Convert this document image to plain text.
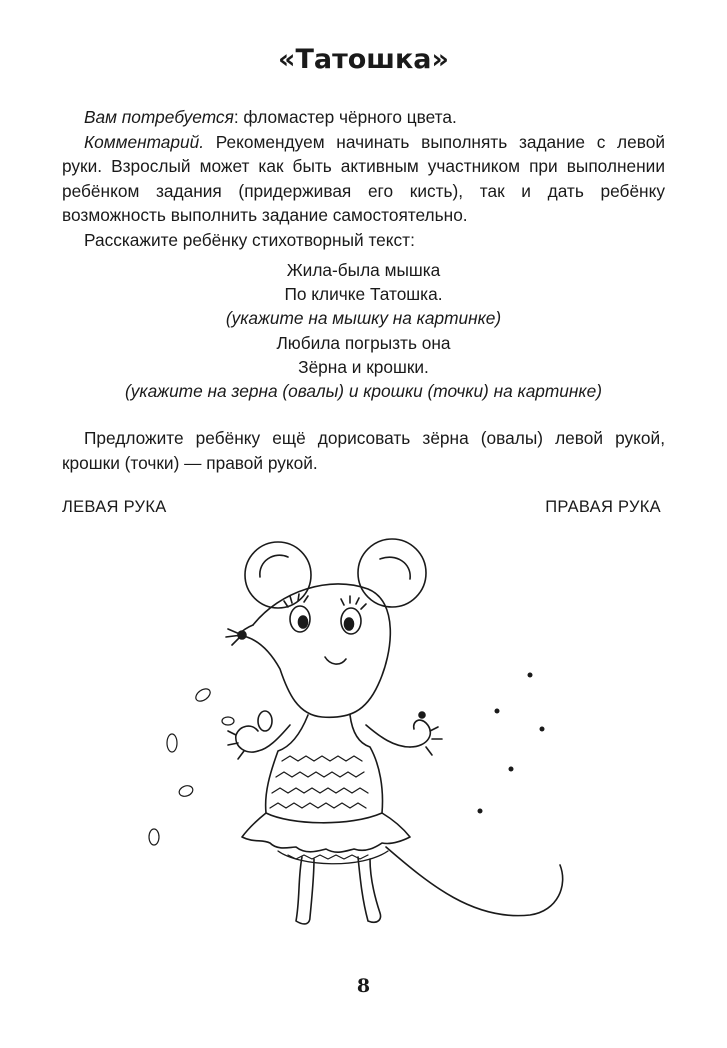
«Татошка»
Вам потребуется: фломастер чёрного цвета.
Комментарий. Рекомендуем начинать выполнять задание с левой руки. Взрослый может как быть активным участником при выполнении ребёнком задания (придерживая его кисть), так и дать ребёнку возможность выполнить задание самостоятельно.
Расскажите ребёнку стихотворный текст:
Жила-была мышка
По кличке Татошка.
(укажите на мышку на картинке)
Любила погрызть она
Зёрна и крошки.
(укажите на зерна (овалы) и крошки (точки) на картинке)
Предложите ребёнку ещё дорисовать зёрна (овалы) левой рукой, крошки (точки) — правой рукой.
ЛЕВАЯ РУКА	ПРАВАЯ РУКА
8
